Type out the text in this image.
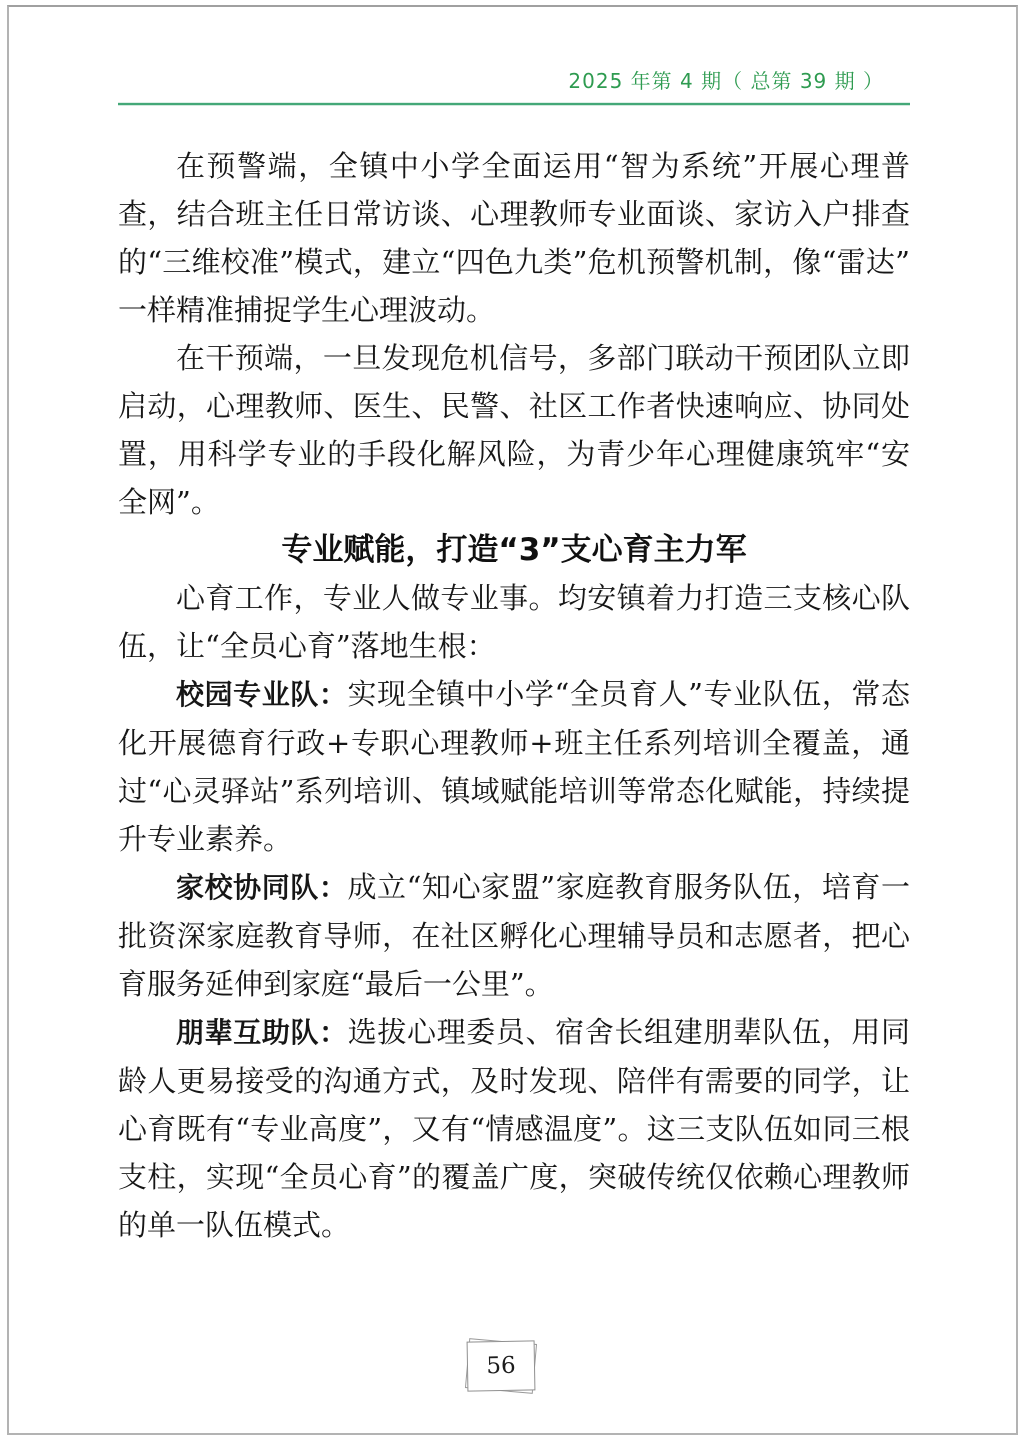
2025 年第 4 期（ 总第 39 期 ）

在预警端，全镇中小学全面运用“智为系统”开展心理普查，结合班主任日常访谈、心理教师专业面谈、家访入户排查的“三维校准”模式，建立“四色九类”危机预警机制，像“雷达”一样精准捕捉学生心理波动。

在干预端，一旦发现危机信号，多部门联动干预团队立即启动，心理教师、医生、民警、社区工作者快速响应、协同处置，用科学专业的手段化解风险，为青少年心理健康筑牢“安全网”。

专业赋能，打造“3”支心育主力军

心育工作，专业人做专业事。均安镇着力打造三支核心队伍，让“全员心育”落地生根：

校园专业队：实现全镇中小学“全员育人”专业队伍，常态化开展德育行政+专职心理教师+班主任系列培训全覆盖，通过“心灵驿站”系列培训、镇域赋能培训等常态化赋能，持续提升专业素养。

家校协同队：成立“知心家盟”家庭教育服务队伍，培育一批资深家庭教育导师，在社区孵化心理辅导员和志愿者，把心育服务延伸到家庭“最后一公里”。

朋辈互助队：选拔心理委员、宿舍长组建朋辈队伍，用同龄人更易接受的沟通方式，及时发现、陪伴有需要的同学，让心育既有“专业高度”，又有“情感温度”。这三支队伍如同三根支柱，实现“全员心育”的覆盖广度，突破传统仅依赖心理教师的单一队伍模式。

56
